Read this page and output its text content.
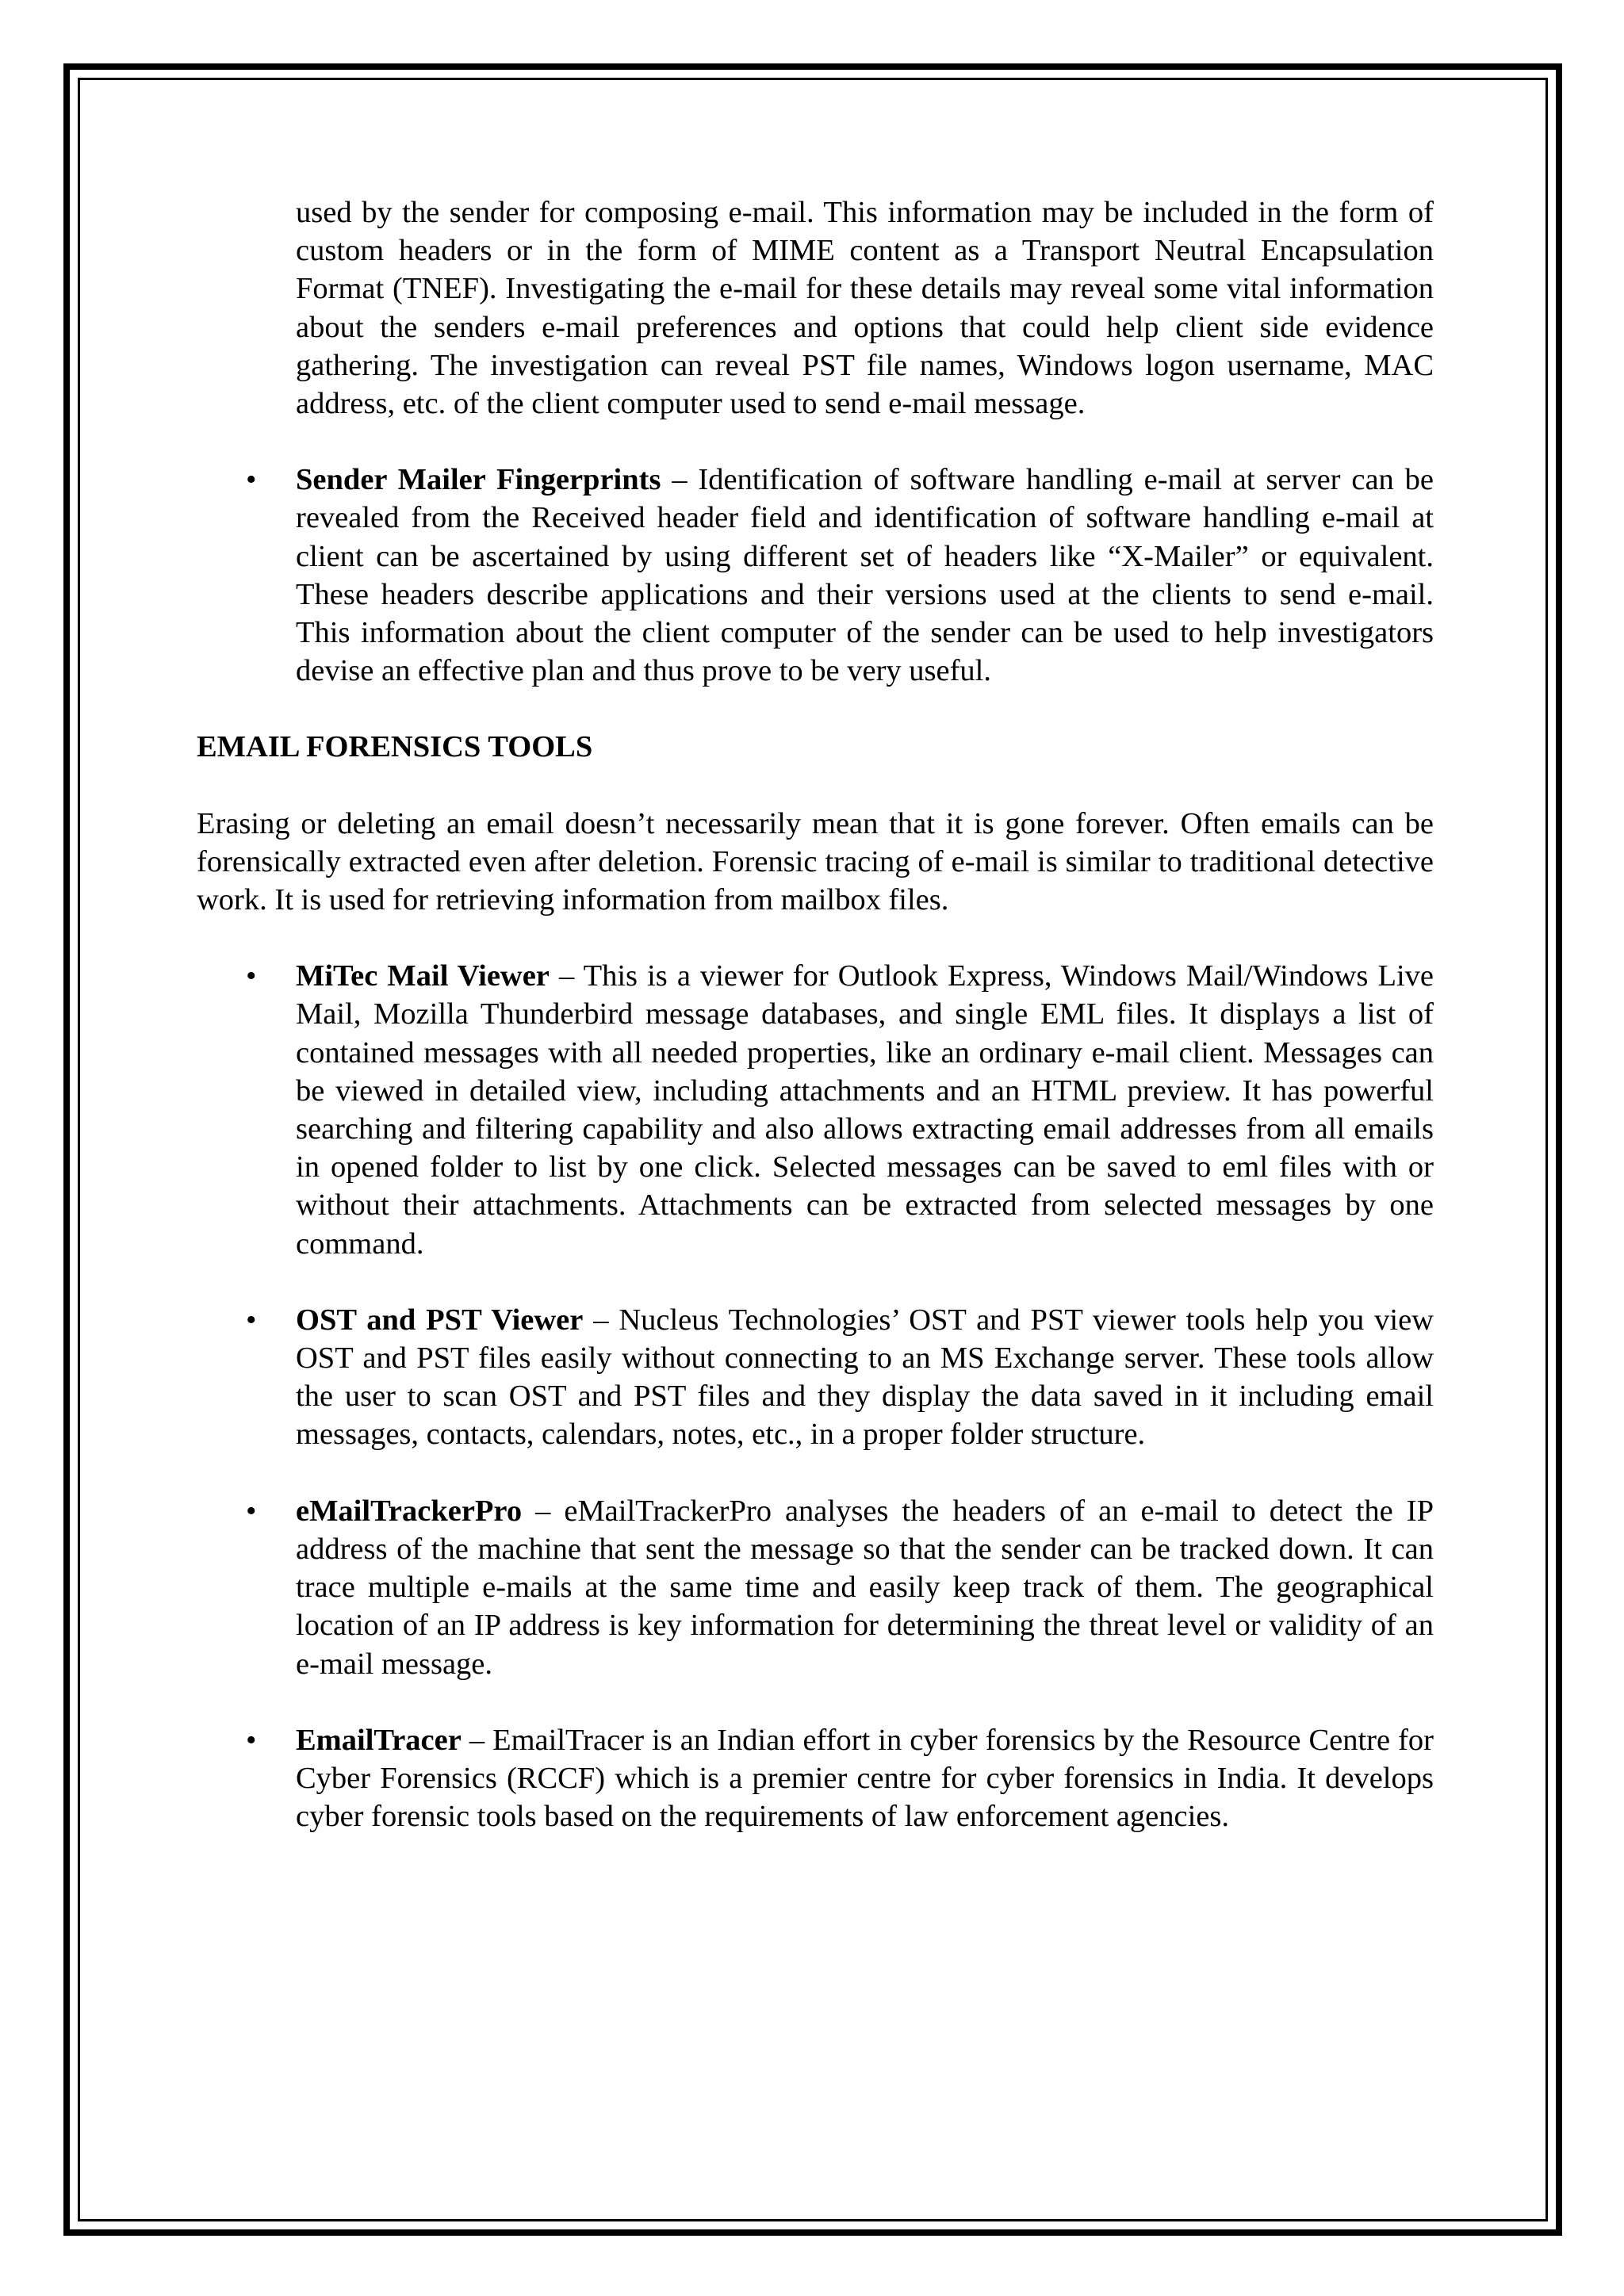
used by the sender for composing e-mail. This information may be included in the form of custom headers or in the form of MIME content as a Transport Neutral Encapsulation Format (TNEF). Investigating the e-mail for these details may reveal some vital information about the senders e-mail preferences and options that could help client side evidence gathering. The investigation can reveal PST file names, Windows logon username, MAC address, etc. of the client computer used to send e-mail message.

•	Sender Mailer Fingerprints – Identification of software handling e-mail at server can be revealed from the Received header field and identification of software handling e-mail at client can be ascertained by using different set of headers like “X-Mailer” or equivalent. These headers describe applications and their versions used at the clients to send e-mail. This information about the client computer of the sender can be used to help investigators devise an effective plan and thus prove to be very useful.

EMAIL FORENSICS TOOLS

Erasing or deleting an email doesn’t necessarily mean that it is gone forever. Often emails can be forensically extracted even after deletion. Forensic tracing of e-mail is similar to traditional detective work. It is used for retrieving information from mailbox files.

•	MiTec Mail Viewer – This is a viewer for Outlook Express, Windows Mail/Windows Live Mail, Mozilla Thunderbird message databases, and single EML files. It displays a list of contained messages with all needed properties, like an ordinary e-mail client. Messages can be viewed in detailed view, including attachments and an HTML preview. It has powerful searching and filtering capability and also allows extracting email addresses from all emails in opened folder to list by one click. Selected messages can be saved to eml files with or without their attachments. Attachments can be extracted from selected messages by one command.
•	OST and PST Viewer – Nucleus Technologies’ OST and PST viewer tools help you view OST and PST files easily without connecting to an MS Exchange server. These tools allow the user to scan OST and PST files and they display the data saved in it including email messages, contacts, calendars, notes, etc., in a proper folder structure.
•	eMailTrackerPro – eMailTrackerPro analyses the headers of an e-mail to detect the IP address of the machine that sent the message so that the sender can be tracked down. It can trace multiple e-mails at the same time and easily keep track of them. The geographical location of an IP address is key information for determining the threat level or validity of an e-mail message.
•	EmailTracer – EmailTracer is an Indian effort in cyber forensics by the Resource Centre for Cyber Forensics (RCCF) which is a premier centre for cyber forensics in India. It develops cyber forensic tools based on the requirements of law enforcement agencies.
